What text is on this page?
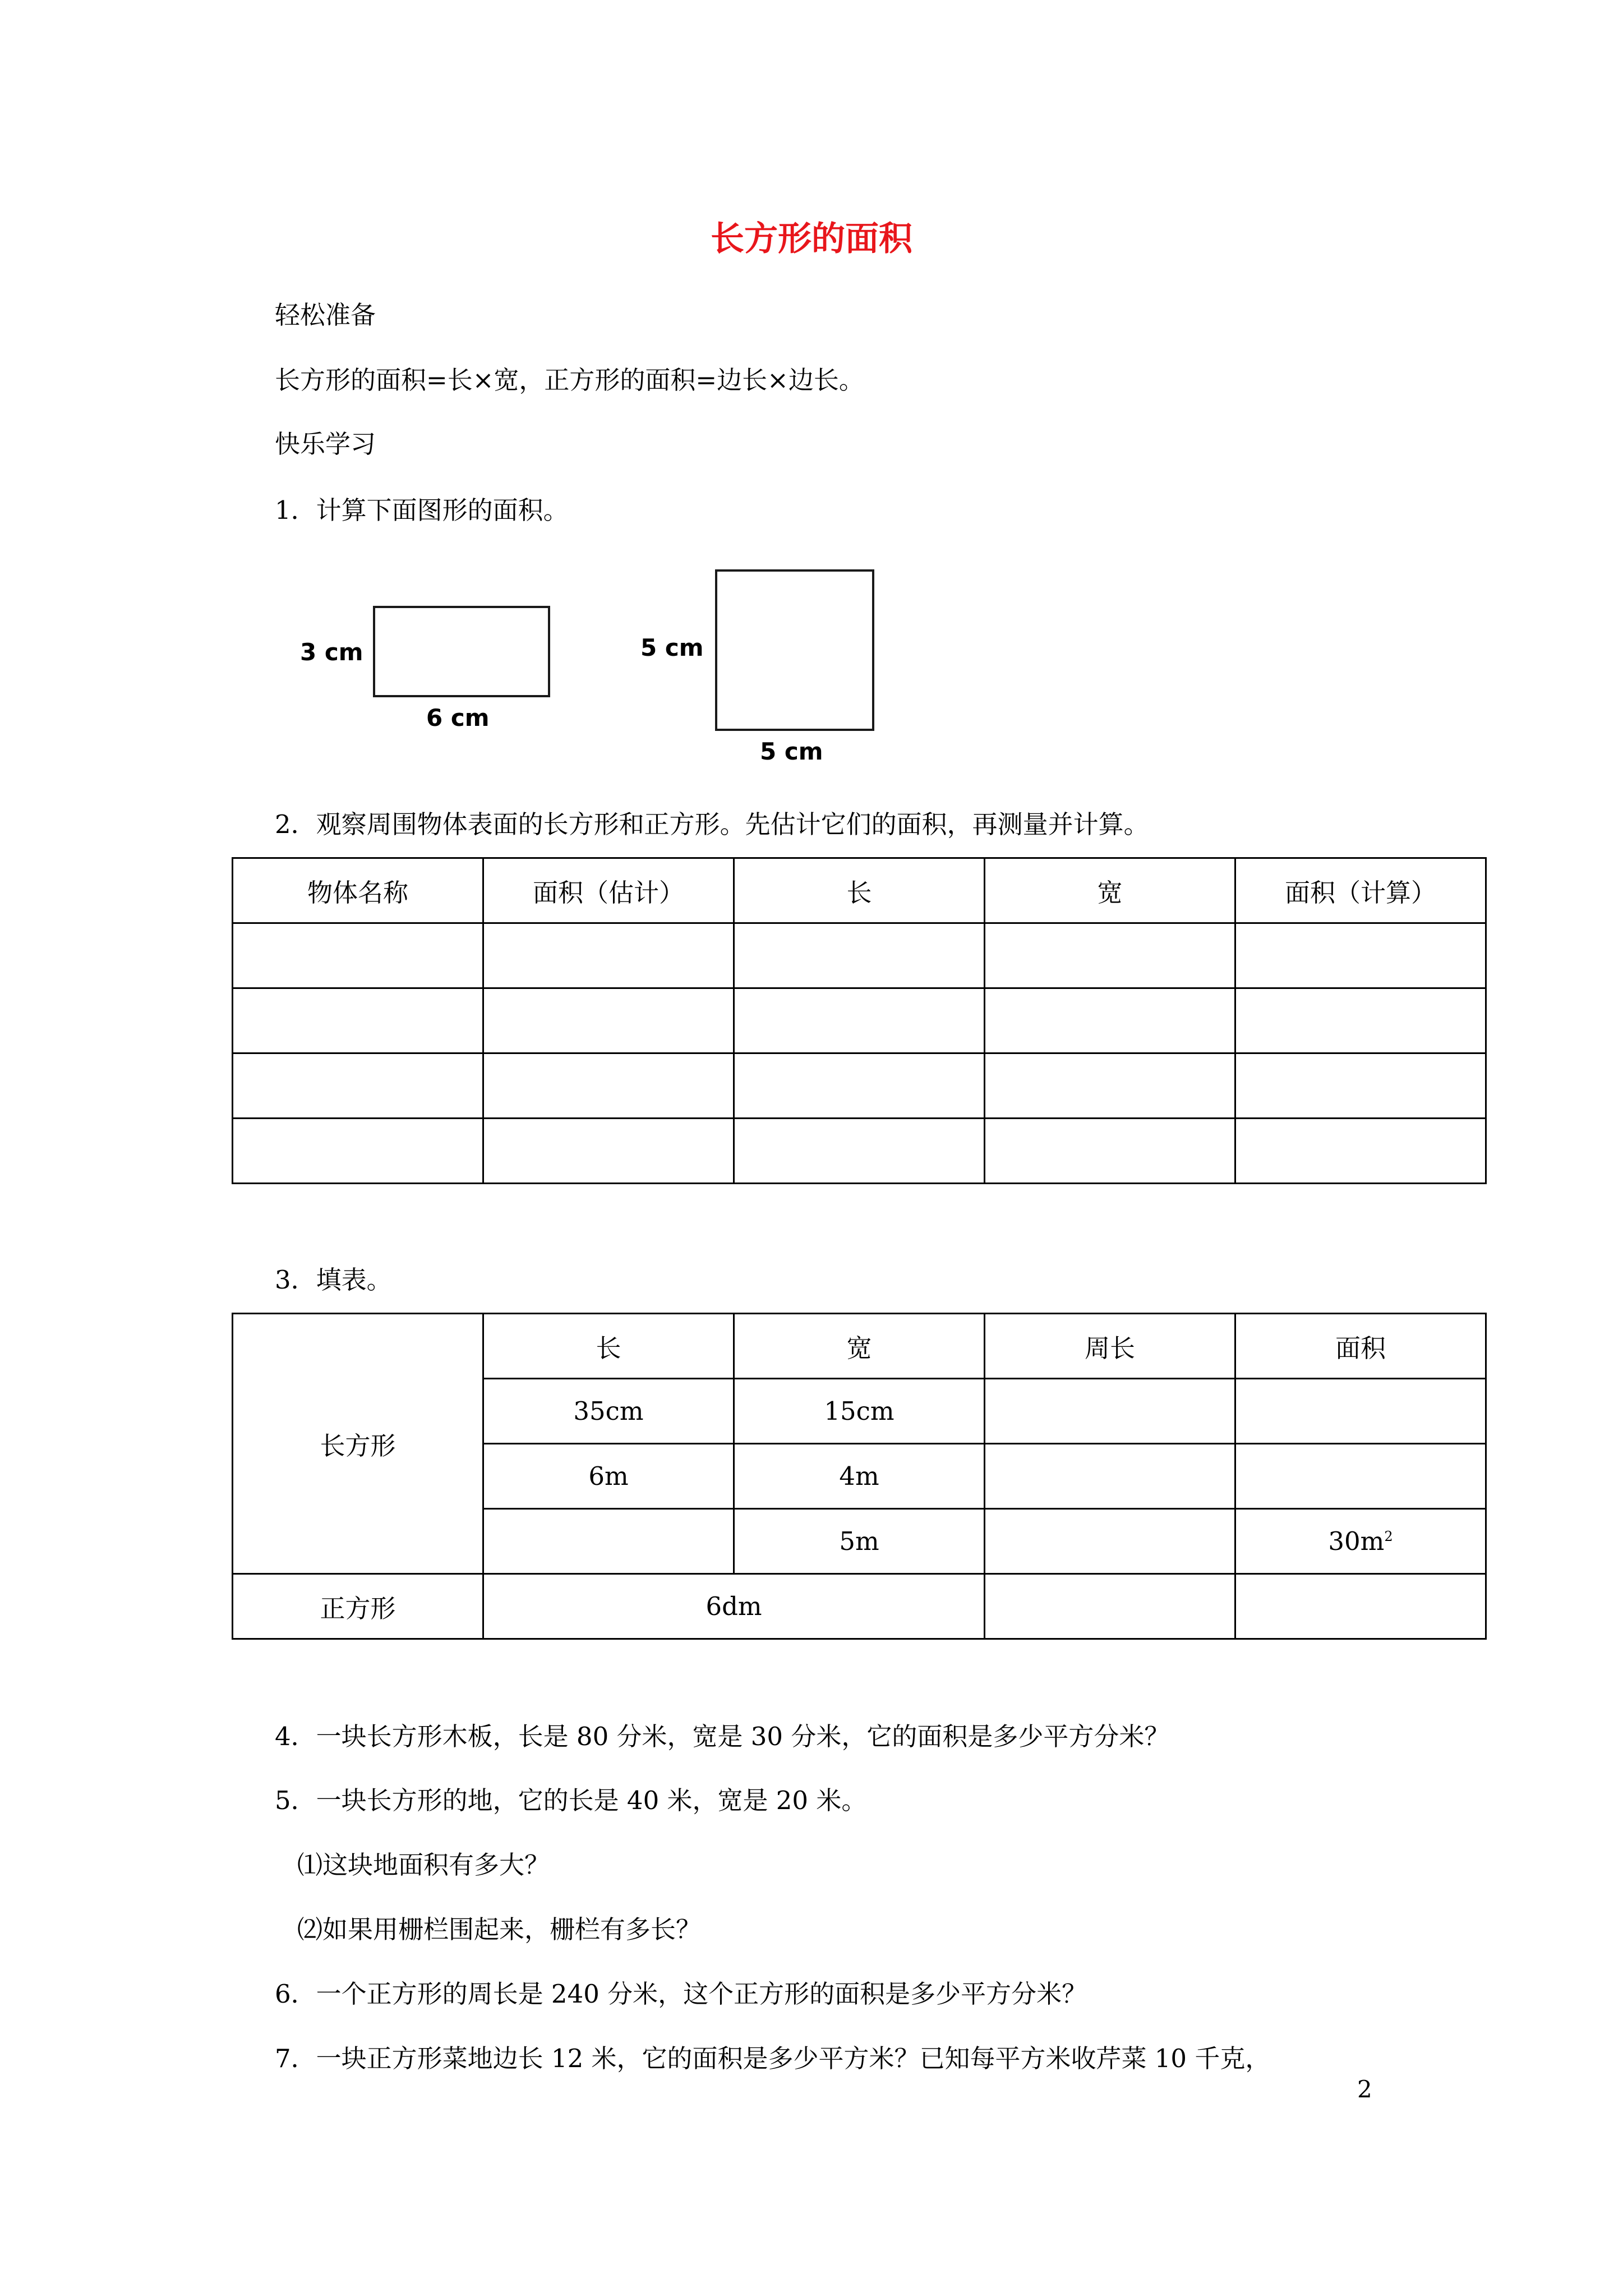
长方形的面积
轻松准备
长方形的面积=长×宽，正方形的面积=边长×边长。
快乐学习
1．计算下面图形的面积。
3 cm
6 cm
5 cm
5 cm
2．观察周围物体表面的长方形和正方形。先估计它们的面积，再测量并计算。
物体名称	面积（估计）	长	宽	面积（计算）

3．填表。
长方形	长	宽	周长	面积
	35cm	15cm		
	6m	4m		
		5m		$30m^2$
正方形	6dm			
4．一块长方形木板，长是 80 分米，宽是 30 分米，它的面积是多少平方分米？
5．一块长方形的地，它的长是 40 米，宽是 20 米。
⑴这块地面积有多大？
⑵如果用栅栏围起来，栅栏有多长？
6．一个正方形的周长是 240 分米，这个正方形的面积是多少平方分米？
7．一块正方形菜地边长 12 米，它的面积是多少平方米？已知每平方米收芹菜 10 千克，
2
